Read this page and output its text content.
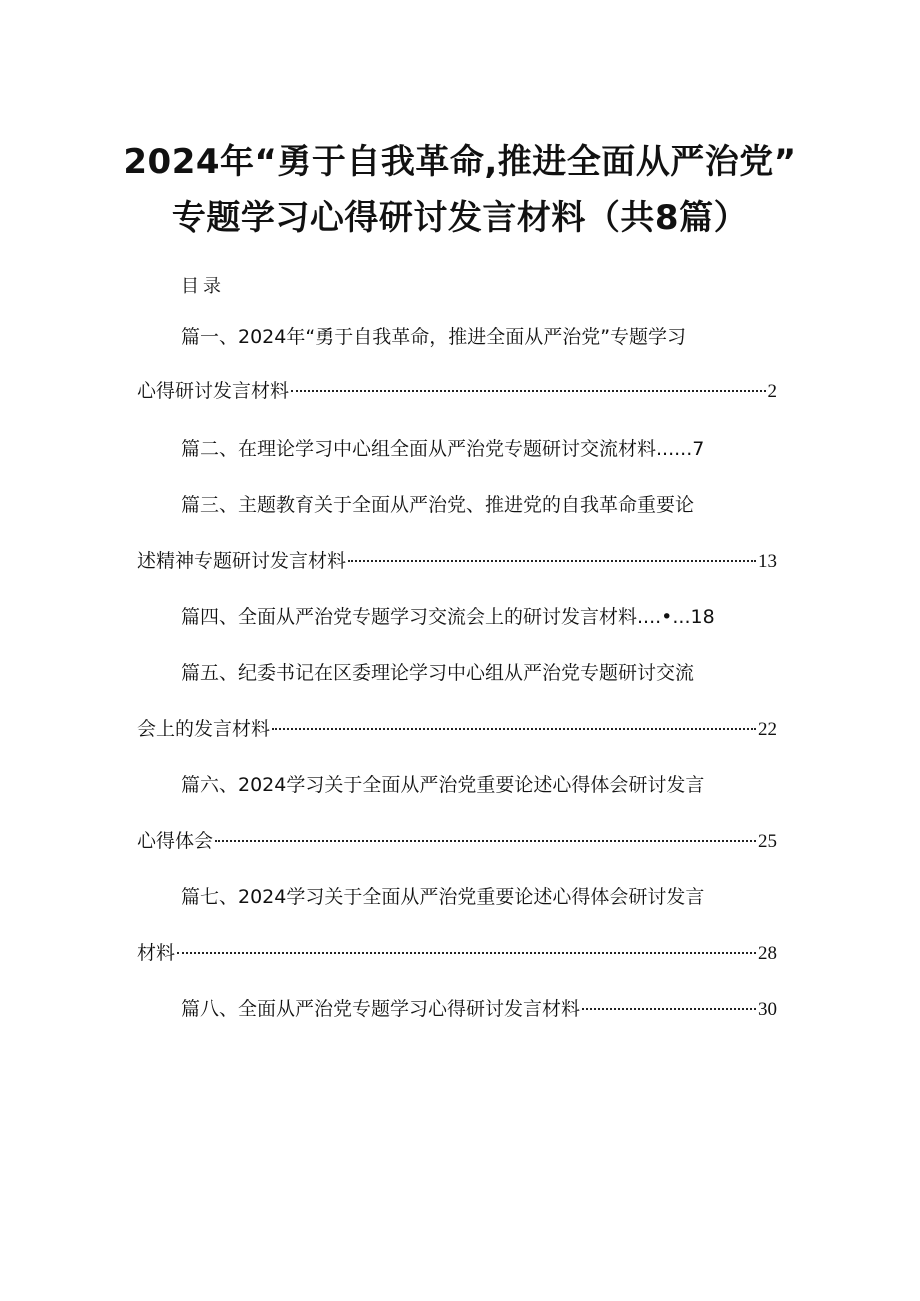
2024年“勇于自我革命,推进全面从严治党”
专题学习心得研讨发言材料（共8篇）
目录
篇一、2024年“勇于自我革命，推进全面从严治党”专题学习
心得研讨发言材料	2
篇二、在理论学习中心组全面从严治党专题研讨交流材料......7
篇三、主题教育关于全面从严治党、推进党的自我革命重要论
述精神专题研讨发言材料	13
篇四、全面从严治党专题学习交流会上的研讨发言材料....•...18
篇五、纪委书记在区委理论学习中心组从严治党专题研讨交流
会上的发言材料	22
篇六、2024学习关于全面从严治党重要论述心得体会研讨发言
心得体会	25
篇七、2024学习关于全面从严治党重要论述心得体会研讨发言
材料	28
篇八、全面从严治党专题学习心得研讨发言材料	30
